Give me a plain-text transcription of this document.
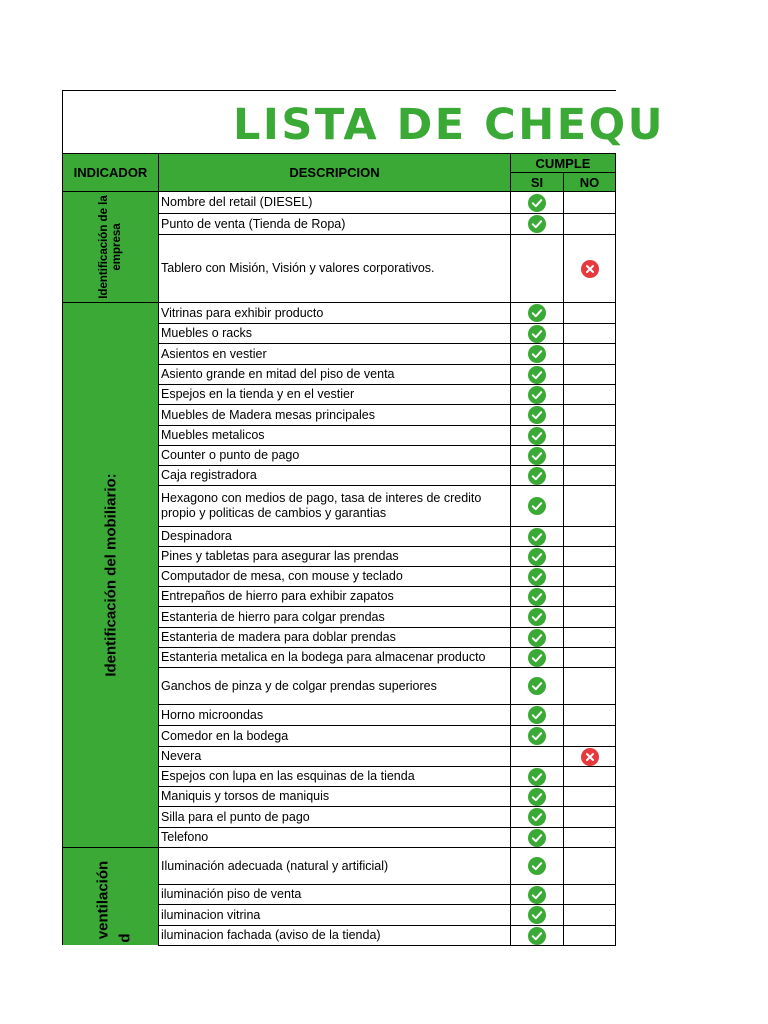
LISTA DE CHEQU
INDICADOR	DESCRIPCION
CUMPLE
SI	NO
Identificación de la empresa
Identificación del mobiliario:
ventilación d
Nombre del retail (DIESEL)
Punto de venta (Tienda de Ropa)
Tablero con Misión, Visión y valores corporativos.
Vitrinas para exhibir producto
Muebles o racks
Asientos en vestier
Asiento grande en mitad del piso de venta
Espejos en la tienda y en el vestier
Muebles de Madera mesas principales
Muebles metalicos
Counter o punto de pago
Caja registradora
Hexagono con medios de pago, tasa de interes de credito propio y politicas de cambios y garantias
Despinadora
Pines y tabletas para asegurar las prendas
Computador de mesa, con mouse y teclado
Entrepaños de hierro para exhibir zapatos
Estanteria de hierro para colgar prendas
Estanteria de madera para doblar prendas
Estanteria metalica en la bodega para almacenar producto
Ganchos de pinza y de colgar prendas superiores
Horno microondas
Comedor en la bodega
Nevera
Espejos con lupa en las esquinas de la tienda
Maniquis y torsos de maniquis
Silla para el punto de pago
Telefono
Iluminación adecuada (natural y artificial)
iluminación piso de venta
iluminacion vitrina
iluminacion fachada (aviso de la tienda)
